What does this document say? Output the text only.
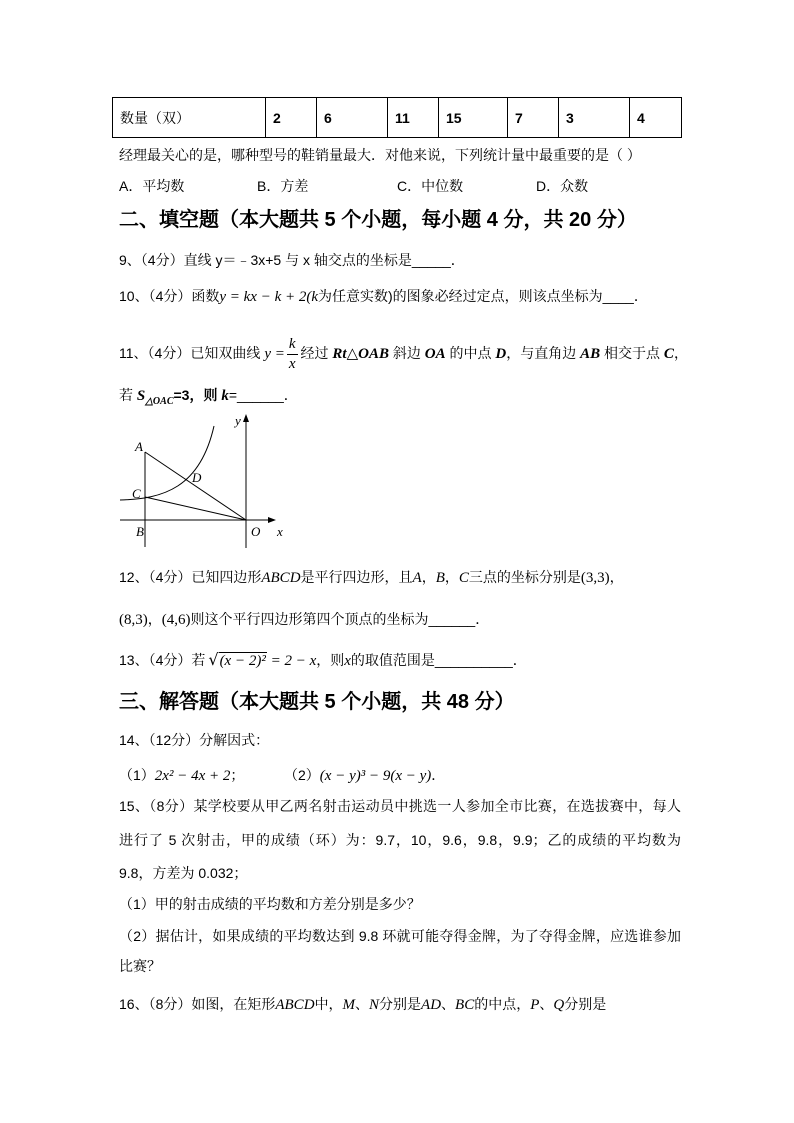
数量（双）	2	6	11	15	7	3	4
经理最关心的是，哪种型号的鞋销量最大．对他来说，下列统计量中最重要的是（ ）
A．平均数	B．方差	C．中位数	D．众数
二、填空题（本大题共 5 个小题，每小题 4 分，共 20 分）
9、（4分）直线 y＝﹣3x+5 与 x 轴交点的坐标是_____．
10、（4分）函数y = kx − k + 2(k为任意实数)的图象必经过定点，则该点坐标为____．
11、（4分）已知双曲线 $y = \frac{k}{x}$ 经过 Rt△OAB 斜边 OA 的中点 D，与直角边 AB 相交于点 C，
若 $S_{\triangle OAC}=3$，则 k=______．
y
x
O
A
B
C
D
12、（4分）已知四边形ABCD是平行四边形，且A，B，C三点的坐标分别是(3,3)，
(8,3)，(4,6)则这个平行四边形第四个顶点的坐标为______．
13、（4分）若 √(x − 2)² = 2 − x，则x的取值范围是__________．
三、解答题（本大题共 5 个小题，共 48 分）
14、（12分）分解因式：
（1）2x² − 4x + 2；	（2）(x − y)³ − 9(x − y)．
15、（8分）某学校要从甲乙两名射击运动员中挑选一人参加全市比赛，在选拔赛中，每人
进行了 5 次射击，甲的成绩（环）为：9.7，10，9.6，9.8，9.9；乙的成绩的平均数为
9.8，方差为 0.032；
（1）甲的射击成绩的平均数和方差分别是多少？
（2）据估计，如果成绩的平均数达到 9.8 环就可能夺得金牌，为了夺得金牌，应选谁参加
比赛？
16、（8分）如图，在矩形ABCD中，M、N分别是AD、BC的中点，P、Q分别是
